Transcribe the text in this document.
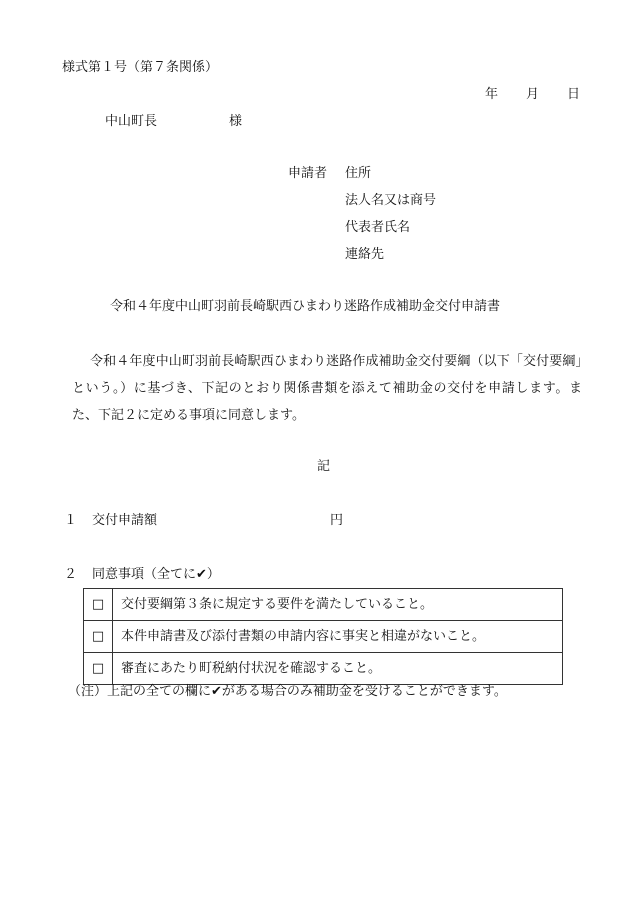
様式第１号（第７条関係）
年 月 日
中山町長	様
申請者 住所
法人名又は商号
代表者氏名
連絡先
令和４年度中山町羽前長崎駅西ひまわり迷路作成補助金交付申請書
令和４年度中山町羽前長崎駅西ひまわり迷路作成補助金交付要綱（以下「交付要綱」という。）に基づき、下記のとおり関係書類を添えて補助金の交付を申請します。また、下記２に定める事項に同意します。
記
１ 交付申請額	円
２ 同意事項（全てに✔）
□	交付要綱第３条に規定する要件を満たしていること。
□	本件申請書及び添付書類の申請内容に事実と相違がないこと。
□	審査にあたり町税納付状況を確認すること。
（注）上記の全ての欄に✔がある場合のみ補助金を受けることができます。
